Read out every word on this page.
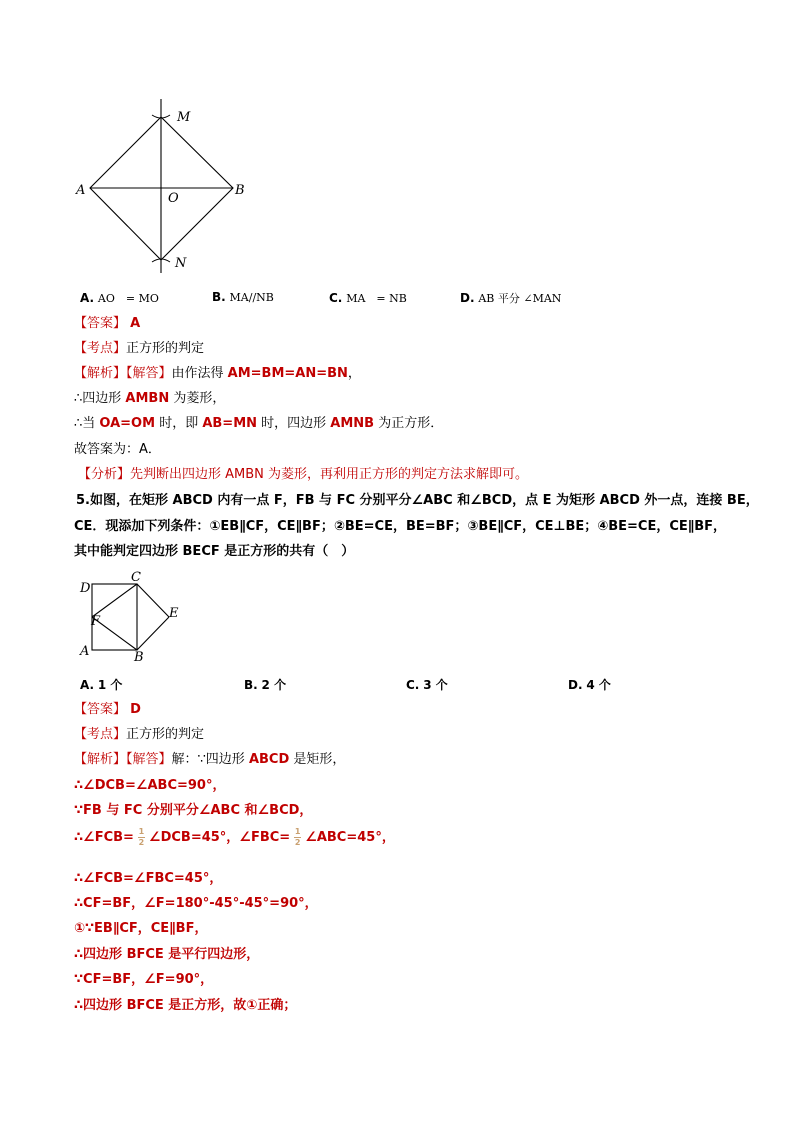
M
N
A	B
O
A. AO　= MO	B. MA//NB	C. MA　= NB	D. AB 平分 ∠MAN
【答案】 A
【考点】正方形的判定
【解析】【解答】由作法得 AM=BM=AN=BN，
∴四边形 AMBN 为菱形，
∴当 OA=OM 时，即 AB=MN 时，四边形 AMNB 为正方形．
故答案为：A．
【分析】先判断出四边形 AMBN 为菱形，再利用正方形的判定方法求解即可。
5.如图，在矩形 ABCD 内有一点 F，FB 与 FC 分别平分∠ABC 和∠BCD，点 E 为矩形 ABCD 外一点，连接 BE，
CE．现添加下列条件：①EB∥CF，CE∥BF；②BE=CE，BE=BF；③BE∥CF，CE⊥BE；④BE=CE，CE∥BF，
其中能判定四边形 BECF 是正方形的共有（　）
D
C
E
F
A	B
A. 1 个	B. 2 个	C. 3 个	D. 4 个
【答案】 D
【考点】正方形的判定
【解析】【解答】解：∵四边形 ABCD 是矩形，
∴∠DCB=∠ABC=90°，
∵FB 与 FC 分别平分∠ABC 和∠BCD，
∴∠FCB= $\frac{1}{2}$ ∠DCB=45°，∠FBC= $\frac{1}{2}$ ∠ABC=45°，
∴∠FCB=∠FBC=45°，
∴CF=BF，∠F=180°-45°-45°=90°，
①∵EB∥CF，CE∥BF，
∴四边形 BFCE 是平行四边形，
∵CF=BF，∠F=90°，
∴四边形 BFCE 是正方形，故①正确；
